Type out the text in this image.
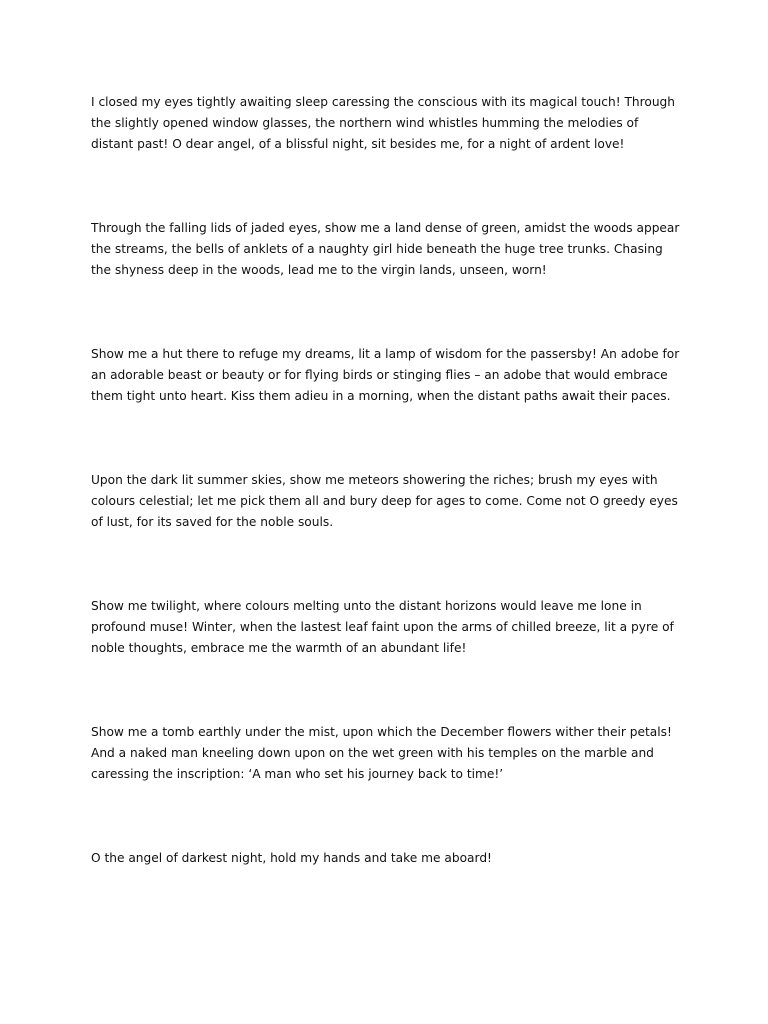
I closed my eyes tightly awaiting sleep caressing the conscious with its magical touch! Through the slightly opened window glasses, the northern wind whistles humming the melodies of distant past! O dear angel, of a blissful night, sit besides me, for a night of ardent love!

Through the falling lids of jaded eyes, show me a land dense of green, amidst the woods appear the streams, the bells of anklets of a naughty girl hide beneath the huge tree trunks. Chasing the shyness deep in the woods, lead me to the virgin lands, unseen, worn!

Show me a hut there to refuge my dreams, lit a lamp of wisdom for the passersby! An adobe for an adorable beast or beauty or for flying birds or stinging flies – an adobe that would embrace them tight unto heart. Kiss them adieu in a morning, when the distant paths await their paces.

Upon the dark lit summer skies, show me meteors showering the riches; brush my eyes with colours celestial; let me pick them all and bury deep for ages to come. Come not O greedy eyes of lust, for its saved for the noble souls.

Show me twilight, where colours melting unto the distant horizons would leave me lone in profound muse! Winter, when the lastest leaf faint upon the arms of chilled breeze, lit a pyre of noble thoughts, embrace me the warmth of an abundant life!

Show me a tomb earthly under the mist, upon which the December flowers wither their petals! And a naked man kneeling down upon on the wet green with his temples on the marble and caressing the inscription: ‘A man who set his journey back to time!’

O the angel of darkest night, hold my hands and take me aboard!
